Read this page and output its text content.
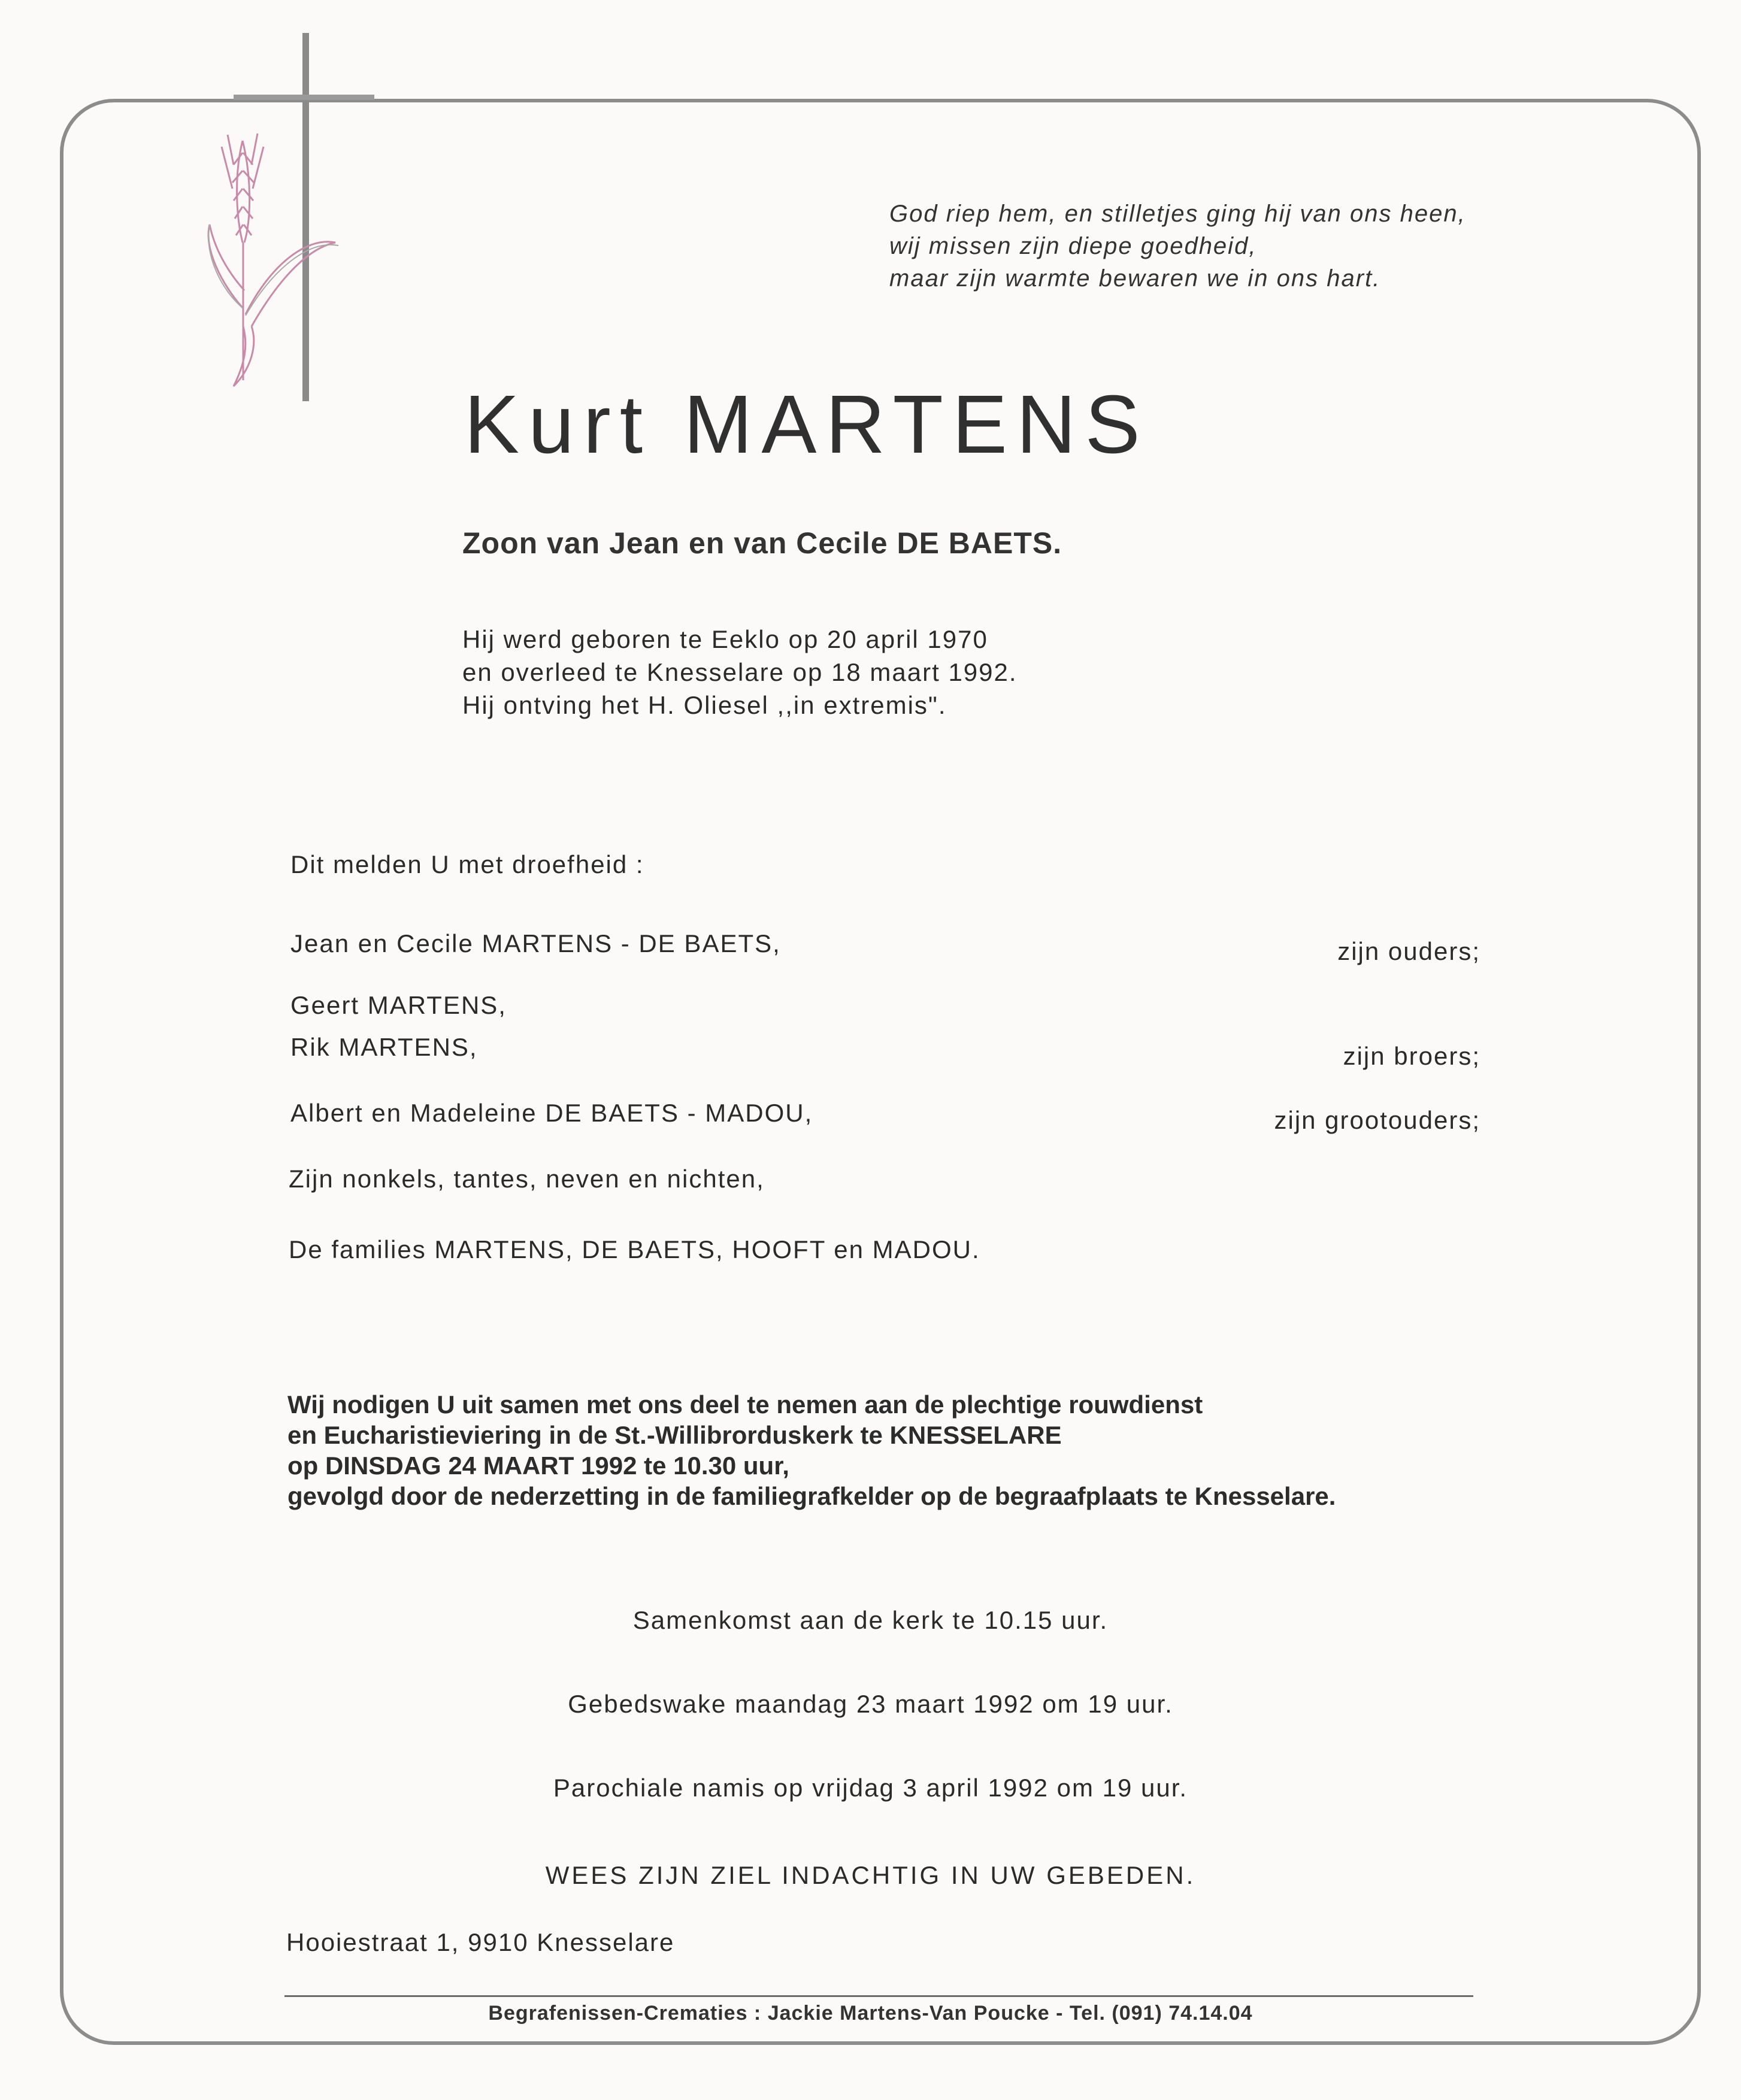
God riep hem, en stilletjes ging hij van ons heen,
wij missen zijn diepe goedheid,
maar zijn warmte bewaren we in ons hart.
Kurt MARTENS
Zoon van Jean en van Cecile DE BAETS.
Hij werd geboren te Eeklo op 20 april 1970
en overleed te Knesselare op 18 maart 1992.
Hij ontving het H. Oliesel ,,in extremis".
Dit melden U met droefheid :
Jean en Cecile MARTENS - DE BAETS,	zijn ouders;
Geert MARTENS,
Rik MARTENS,	zijn broers;
Albert en Madeleine DE BAETS - MADOU,	zijn grootouders;
Zijn nonkels, tantes, neven en nichten,
De families MARTENS, DE BAETS, HOOFT en MADOU.
Wij nodigen U uit samen met ons deel te nemen aan de plechtige rouwdienst
en Eucharistieviering in de St.-Willibrorduskerk te KNESSELARE
op DINSDAG 24 MAART 1992 te 10.30 uur,
gevolgd door de nederzetting in de familiegrafkelder op de begraafplaats te Knesselare.
Samenkomst aan de kerk te 10.15 uur.
Gebedswake maandag 23 maart 1992 om 19 uur.
Parochiale namis op vrijdag 3 april 1992 om 19 uur.
WEES ZIJN ZIEL INDACHTIG IN UW GEBEDEN.
Hooiestraat 1, 9910 Knesselare
Begrafenissen-Crematies : Jackie Martens-Van Poucke - Tel. (091) 74.14.04
